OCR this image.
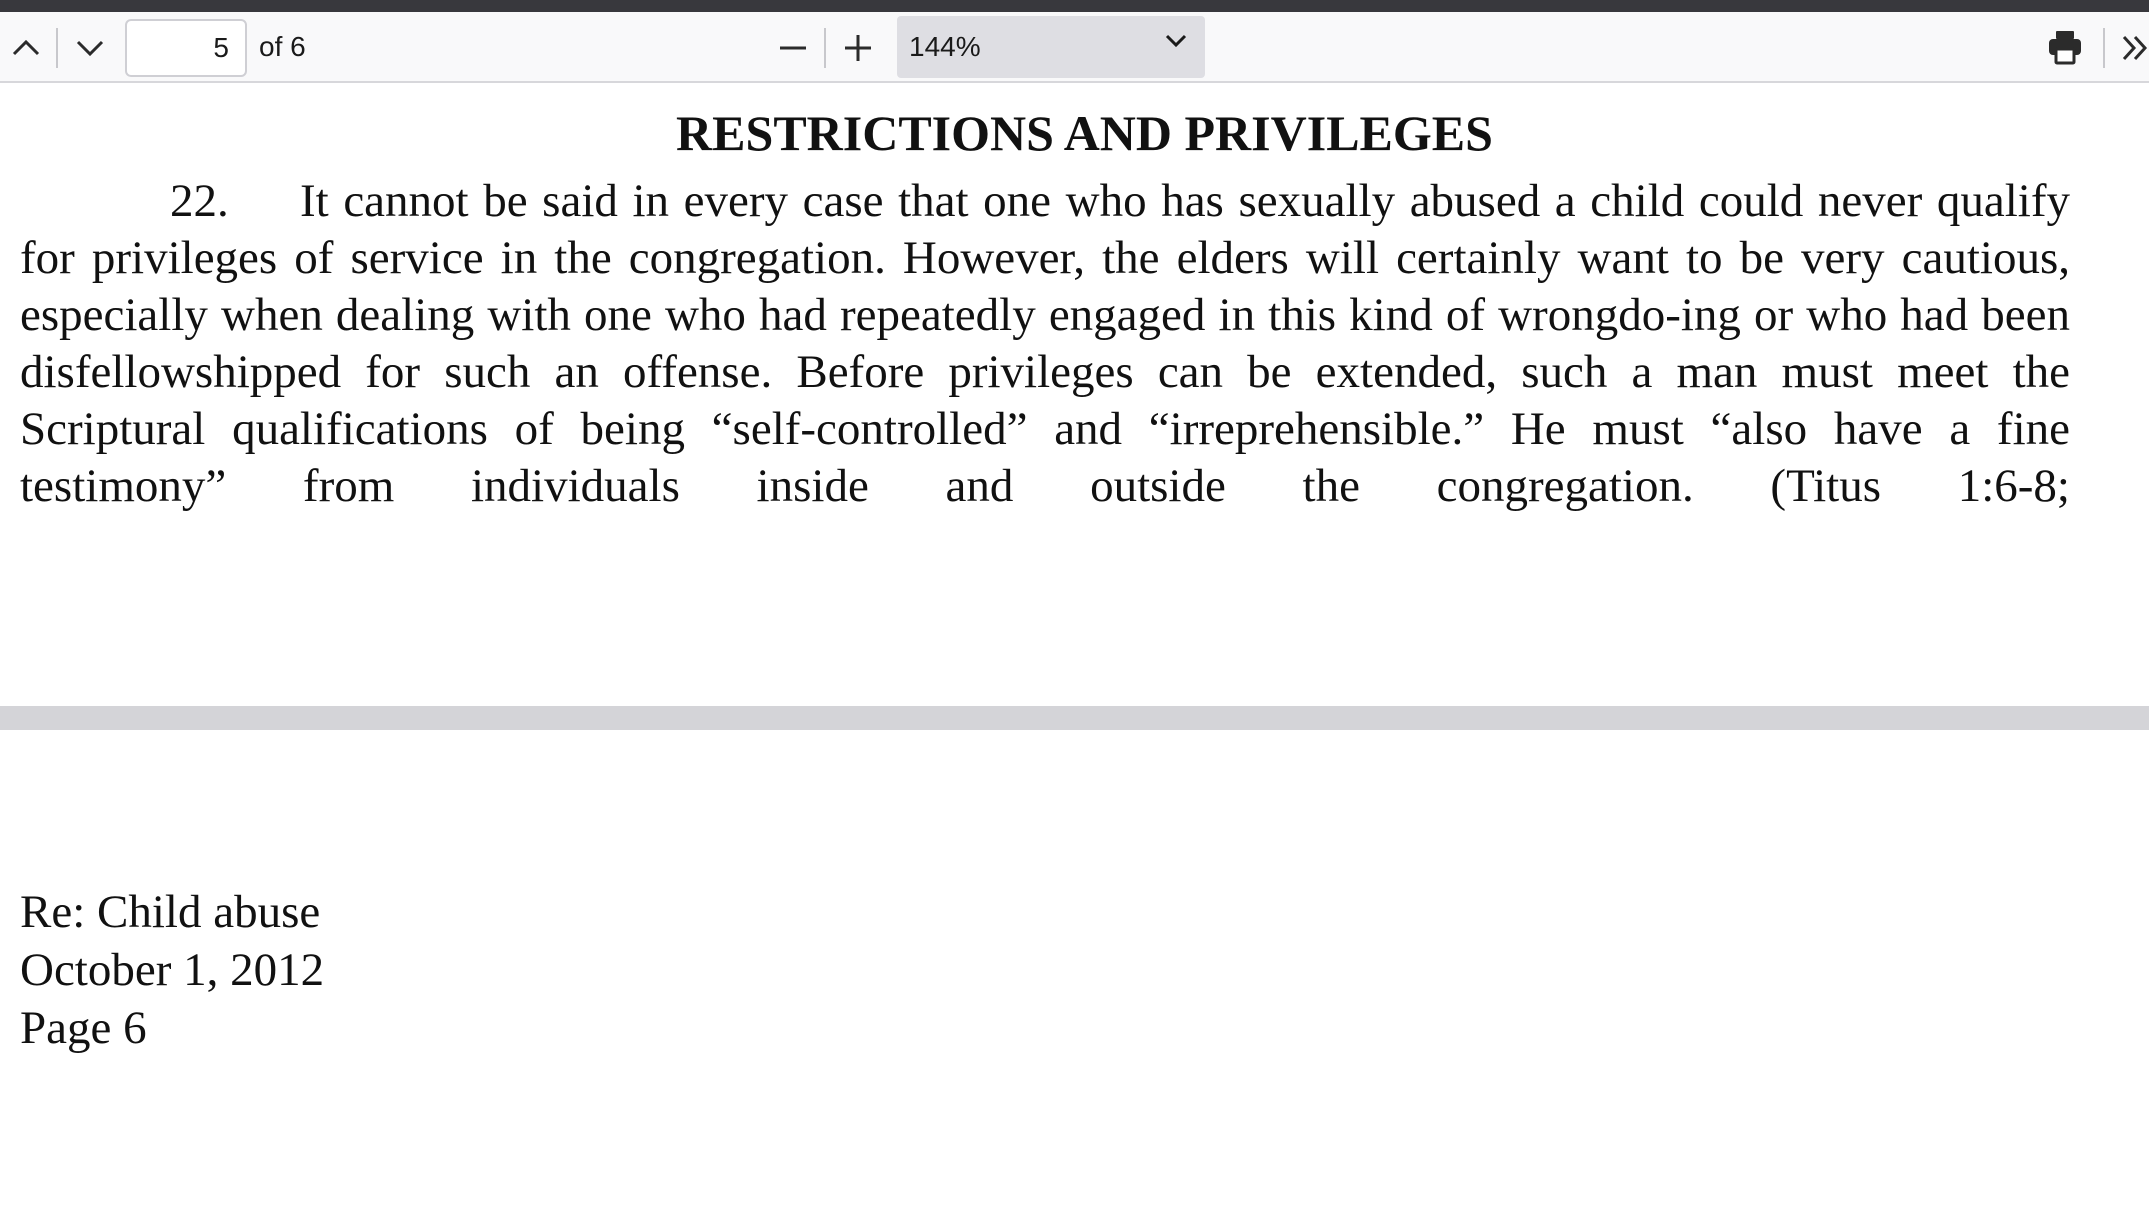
5
of 6	144%
RESTRICTIONS AND PRIVILEGES
22. It cannot be said in every case that one who has sexually abused a child could never qualify for privileges of service in the congregation. However, the elders will certainly want to be very cautious, especially when dealing with one who had repeatedly engaged in this kind of wrongdo-ing or who had been disfellowshipped for such an offense. Before privileges can be extended, such a man must meet the Scriptural qualifications of being “self-controlled” and “irreprehensible.” He must “also have a fine testimony” from individuals inside and outside the congregation. (Titus 1:6-8;
Re: Child abuse
October 1, 2012
Page 6
